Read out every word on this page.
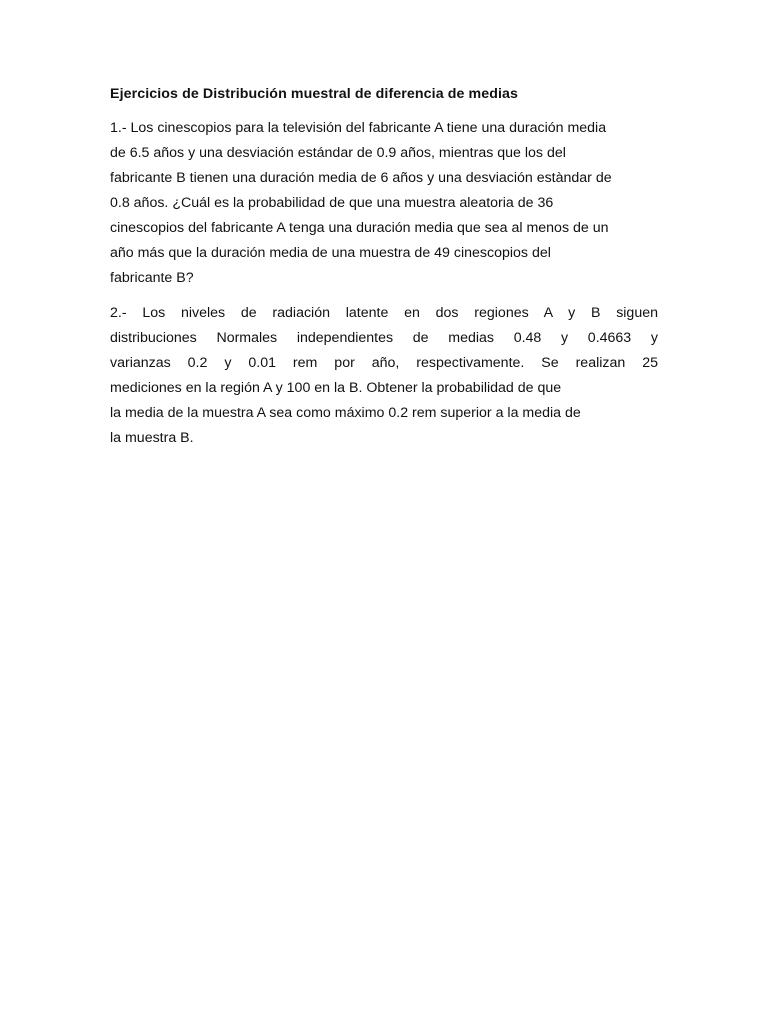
Ejercicios de Distribución muestral de diferencia de medias
1.- Los cinescopios para la televisión del fabricante A tiene una duración media
de 6.5 años y una desviación estándar de 0.9 años, mientras que los del
fabricante B tienen una duración media de 6 años y una desviación estàndar de
0.8 años. ¿Cuál es la probabilidad de que una muestra aleatoria de 36
cinescopios del fabricante A tenga una duración media que sea al menos de un
año más que la duración media de una muestra de 49 cinescopios del
fabricante B?
2.- Los niveles de radiación latente en dos regiones A y B siguen
distribuciones Normales independientes de medias 0.48 y 0.4663 y
varianzas 0.2 y 0.01 rem por año, respectivamente. Se realizan 25
mediciones en la región A y 100 en la B. Obtener la probabilidad de que
la media de la muestra A sea como máximo 0.2 rem superior a la media de
la muestra B.
